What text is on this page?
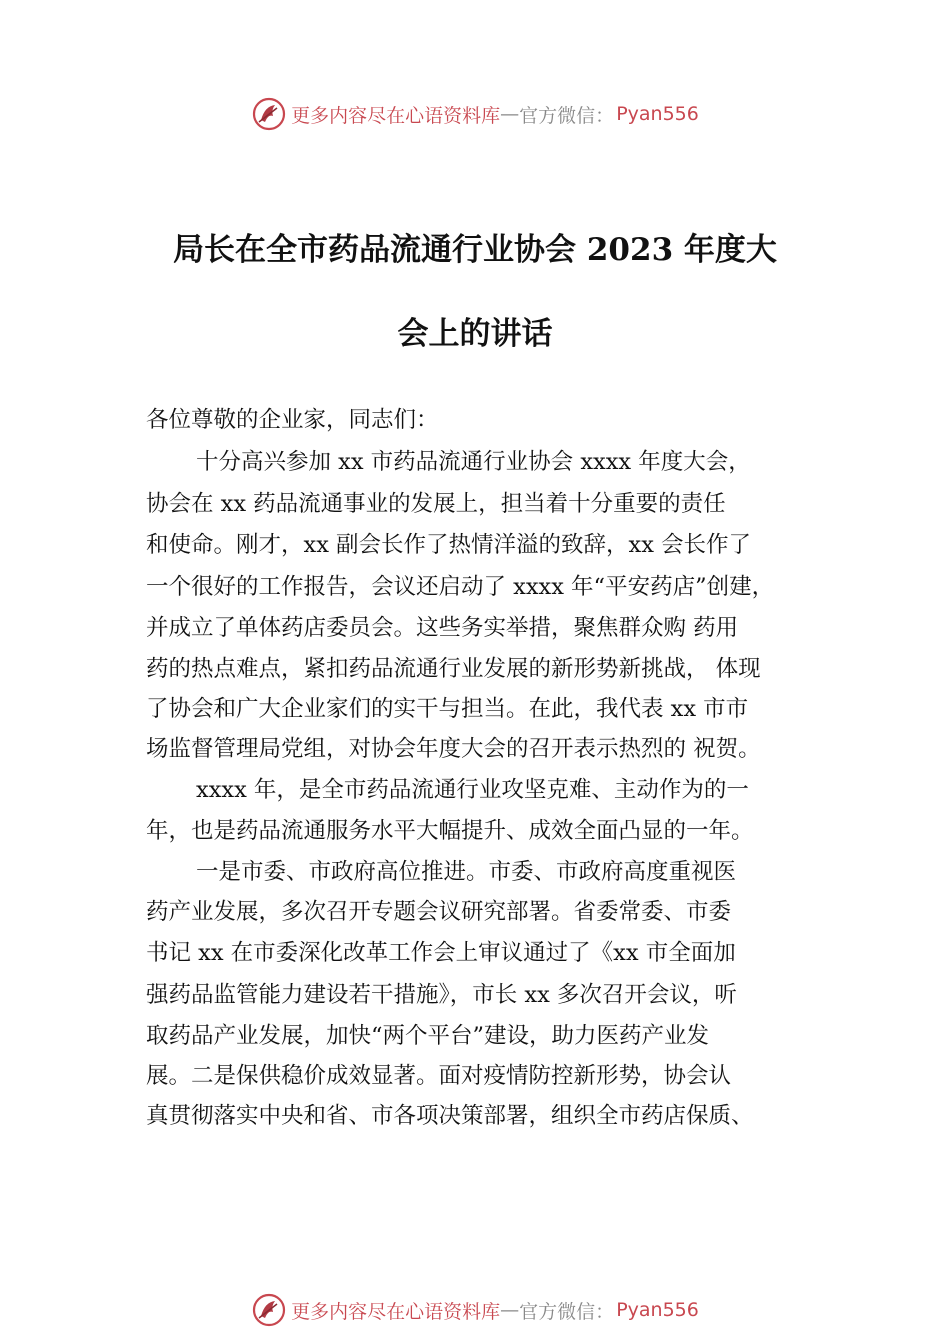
更多内容尽在心语资料库 — 官方微信： Pyan556
局长在全市药品流通行业协会 2023 年度大
会上的讲话
各位尊敬的企业家，同志们：
十分高兴参加 xx 市药品流通行业协会 xxxx 年度大会，
协会在 xx 药品流通事业的发展上，担当着十分重要的责任
和使命。刚才，xx 副会长作了热情洋溢的致辞，xx 会长作了
一个很好的工作报告，会议还启动了 xxxx 年“平安药店”创建，
并成立了单体药店委员会。这些务实举措，聚焦群众购 药用
药的热点难点，紧扣药品流通行业发展的新形势新挑战， 体现
了协会和广大企业家们的实干与担当。在此，我代表 xx 市市
场监督管理局党组，对协会年度大会的召开表示热烈的 祝贺。
xxxx 年，是全市药品流通行业攻坚克难、主动作为的一
年，也是药品流通服务水平大幅提升、成效全面凸显的一年。
一是市委、市政府高位推进。市委、市政府高度重视医
药产业发展，多次召开专题会议研究部署。省委常委、市委
书记 xx 在市委深化改革工作会上审议通过了《xx 市全面加
强药品监管能力建设若干措施》，市长 xx 多次召开会议，听
取药品产业发展，加快“两个平台”建设，助力医药产业发
展。二是保供稳价成效显著。面对疫情防控新形势，协会认
真贯彻落实中央和省、市各项决策部署，组织全市药店保质、
更多内容尽在心语资料库 — 官方微信： Pyan556
